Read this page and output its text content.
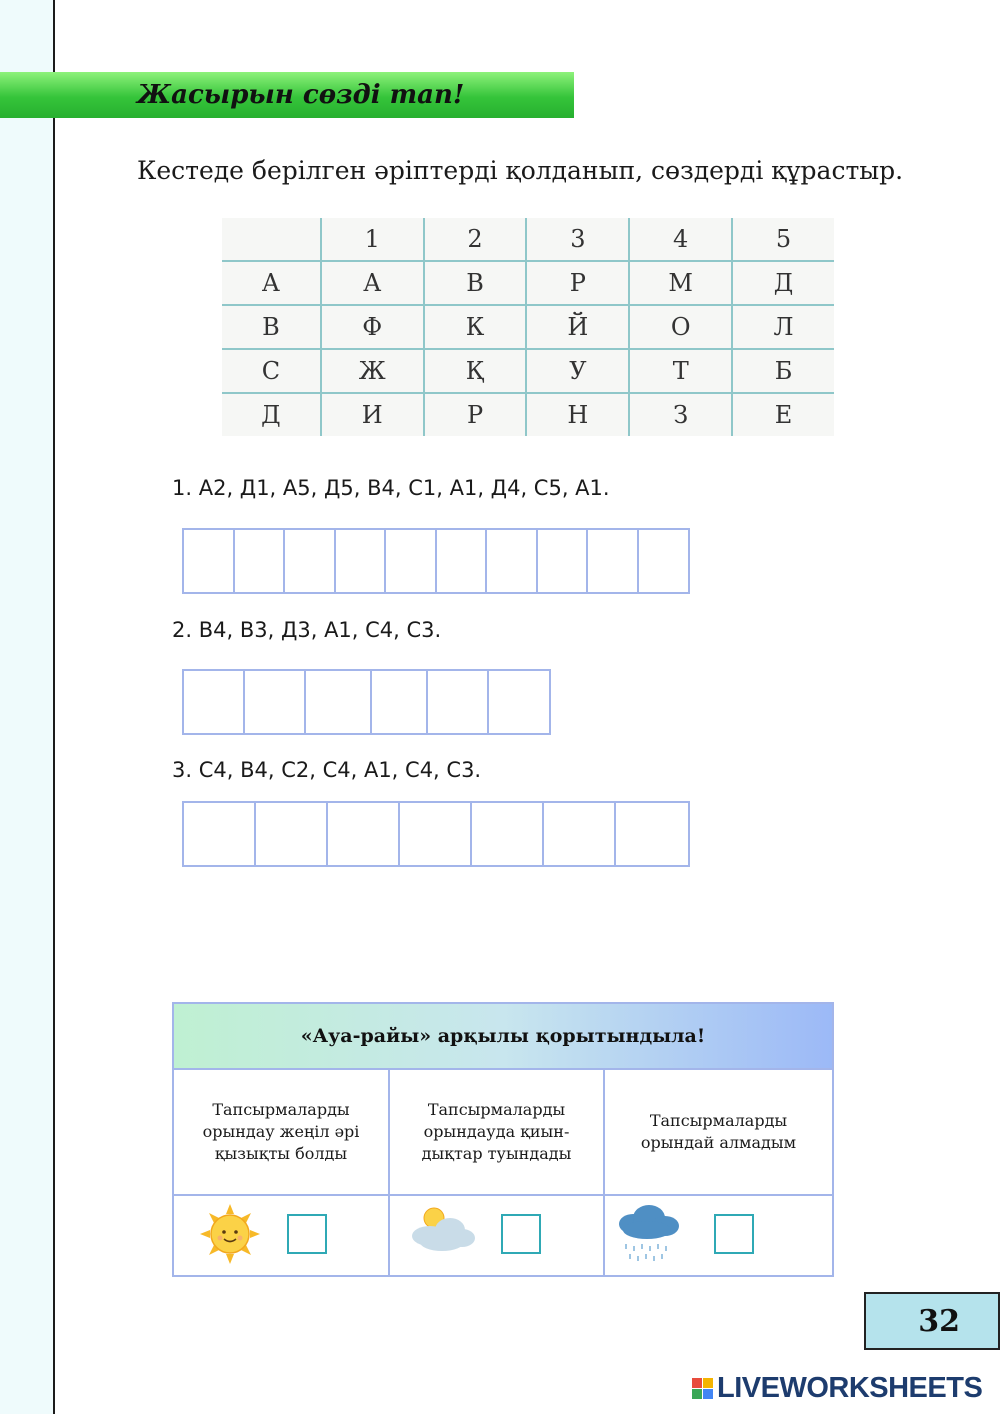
Жасырын сөзді тап!
Кестеде берілген әріптерді қолданып, сөздерді құрастыр.
	1	2	3	4	5
А	А	В	Р	М	Д
В	Ф	К	Й	О	Л
С	Ж	Қ	У	Т	Б
Д	И	Р	Н	З	Е
1. А2, Д1, А5, Д5, В4, С1, А1, Д4, С5, А1.
2. В4, В3, Д3, А1, С4, С3.
3. С4, В4, С2, С4, А1, С4, С3.
«Ауа-райы» арқылы қорытындыла!
Тапсырмаларды орындау жеңіл әрі қызықты болды
Тапсырмаларды орындауда қиын-дықтар туындады
Тапсырмаларды орындай алмадым
32
LIVEWORKSHEETS
